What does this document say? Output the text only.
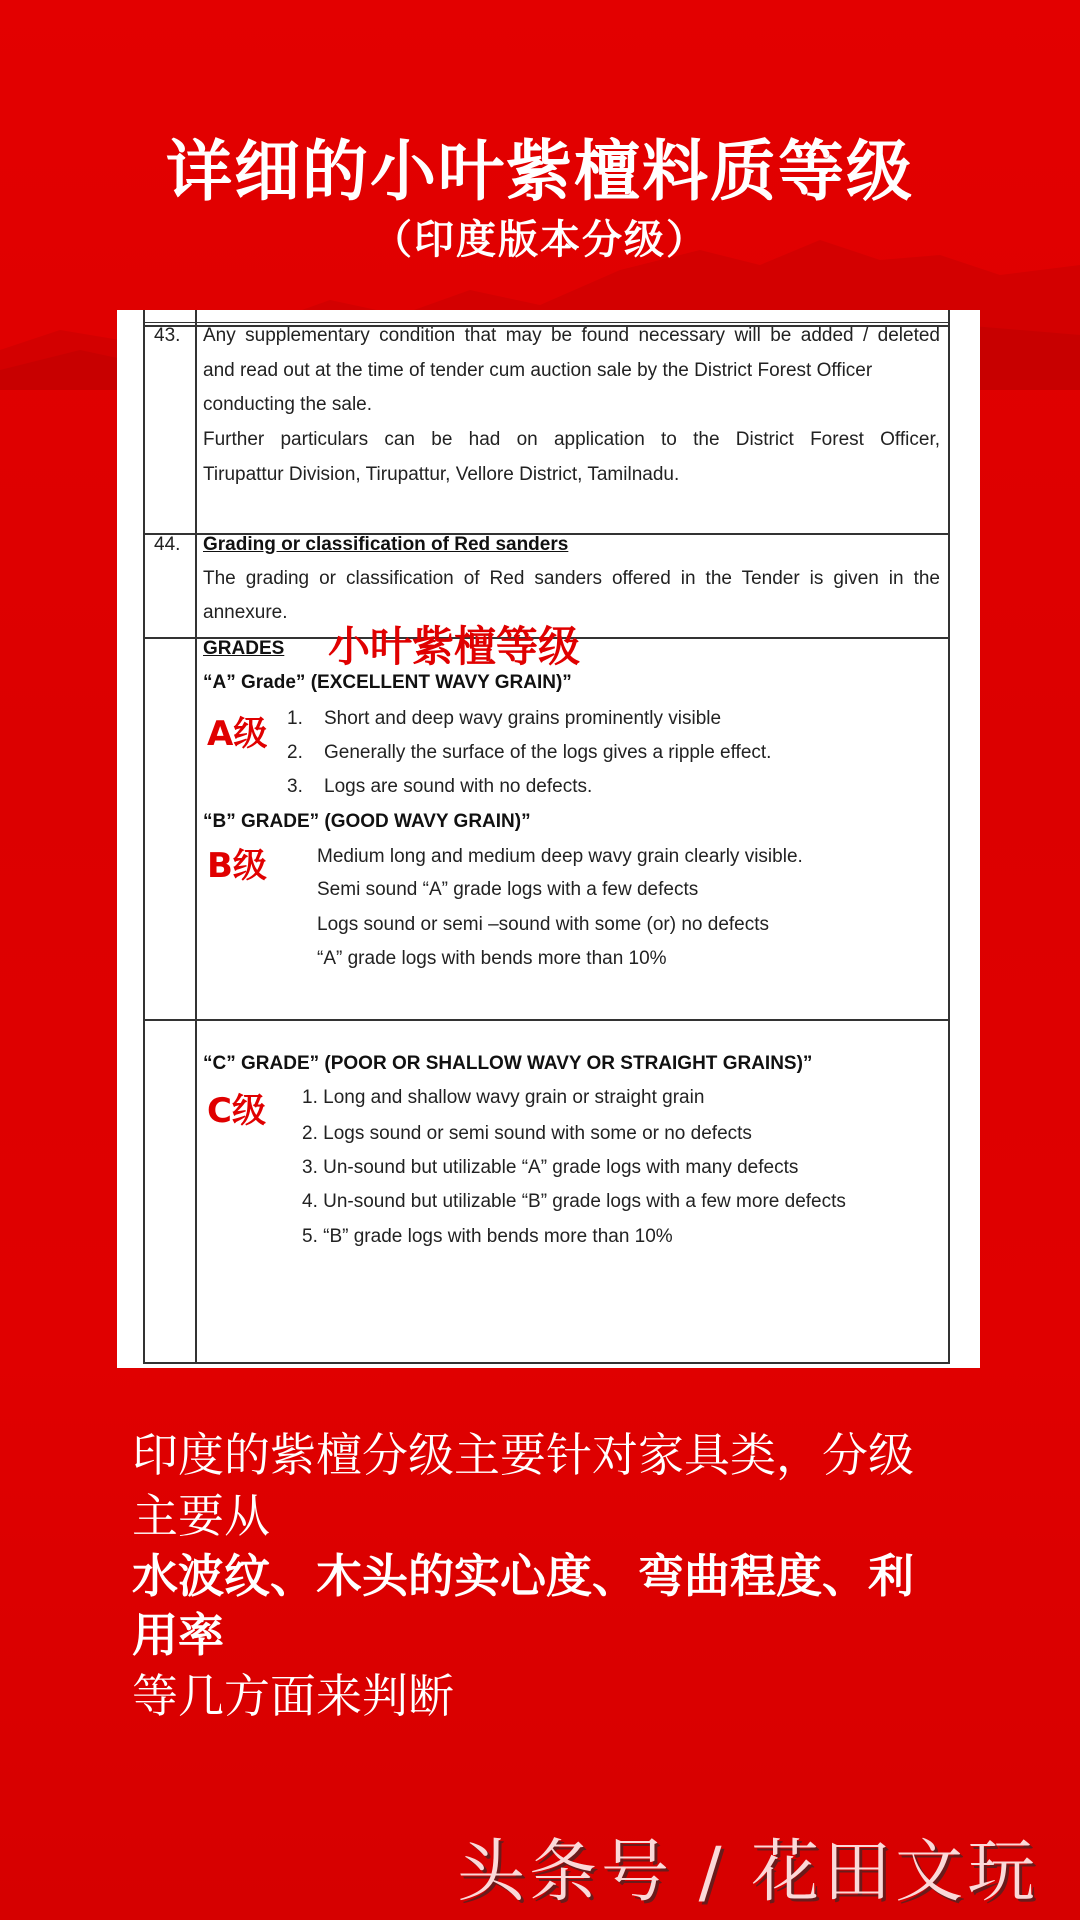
详细的小叶紫檀料质等级
（印度版本分级）
43. Any supplementary condition that may be found necessary will be added / deleted
and read out at the time of tender cum auction sale by the District Forest Officer
conducting the sale.
Further particulars can be had on application to the District Forest Officer,
Tirupattur Division, Tirupattur, Vellore District, Tamilnadu.
44. Grading or classification of Red sanders
The grading or classification of Red sanders offered in the Tender is given in the
annexure.
GRADES 小叶紫檀等级
“A” Grade” (EXCELLENT WAVY GRAIN)”
A级 1. Short and deep wavy grains prominently visible
2. Generally the surface of the logs gives a ripple effect.
3. Logs are sound with no defects.
“B” GRADE” (GOOD WAVY GRAIN)”
B级	Medium long and medium deep wavy grain clearly visible.
Semi sound “A” grade logs with a few defects
Logs sound or semi –sound with some (or) no defects
“A” grade logs with bends more than 10%
“C” GRADE” (POOR OR SHALLOW WAVY OR STRAIGHT GRAINS)”
C级 1. Long and shallow wavy grain or straight grain
2. Logs sound or semi sound with some or no defects
3. Un-sound but utilizable “A” grade logs with many defects
4. Un-sound but utilizable “B” grade logs with a few more defects
5. “B” grade logs with bends more than 10%
印度的紫檀分级主要针对家具类，分级
主要从
水波纹、木头的实心度、弯曲程度、利
用率
等几方面来判断
头条号 / 花田文玩
